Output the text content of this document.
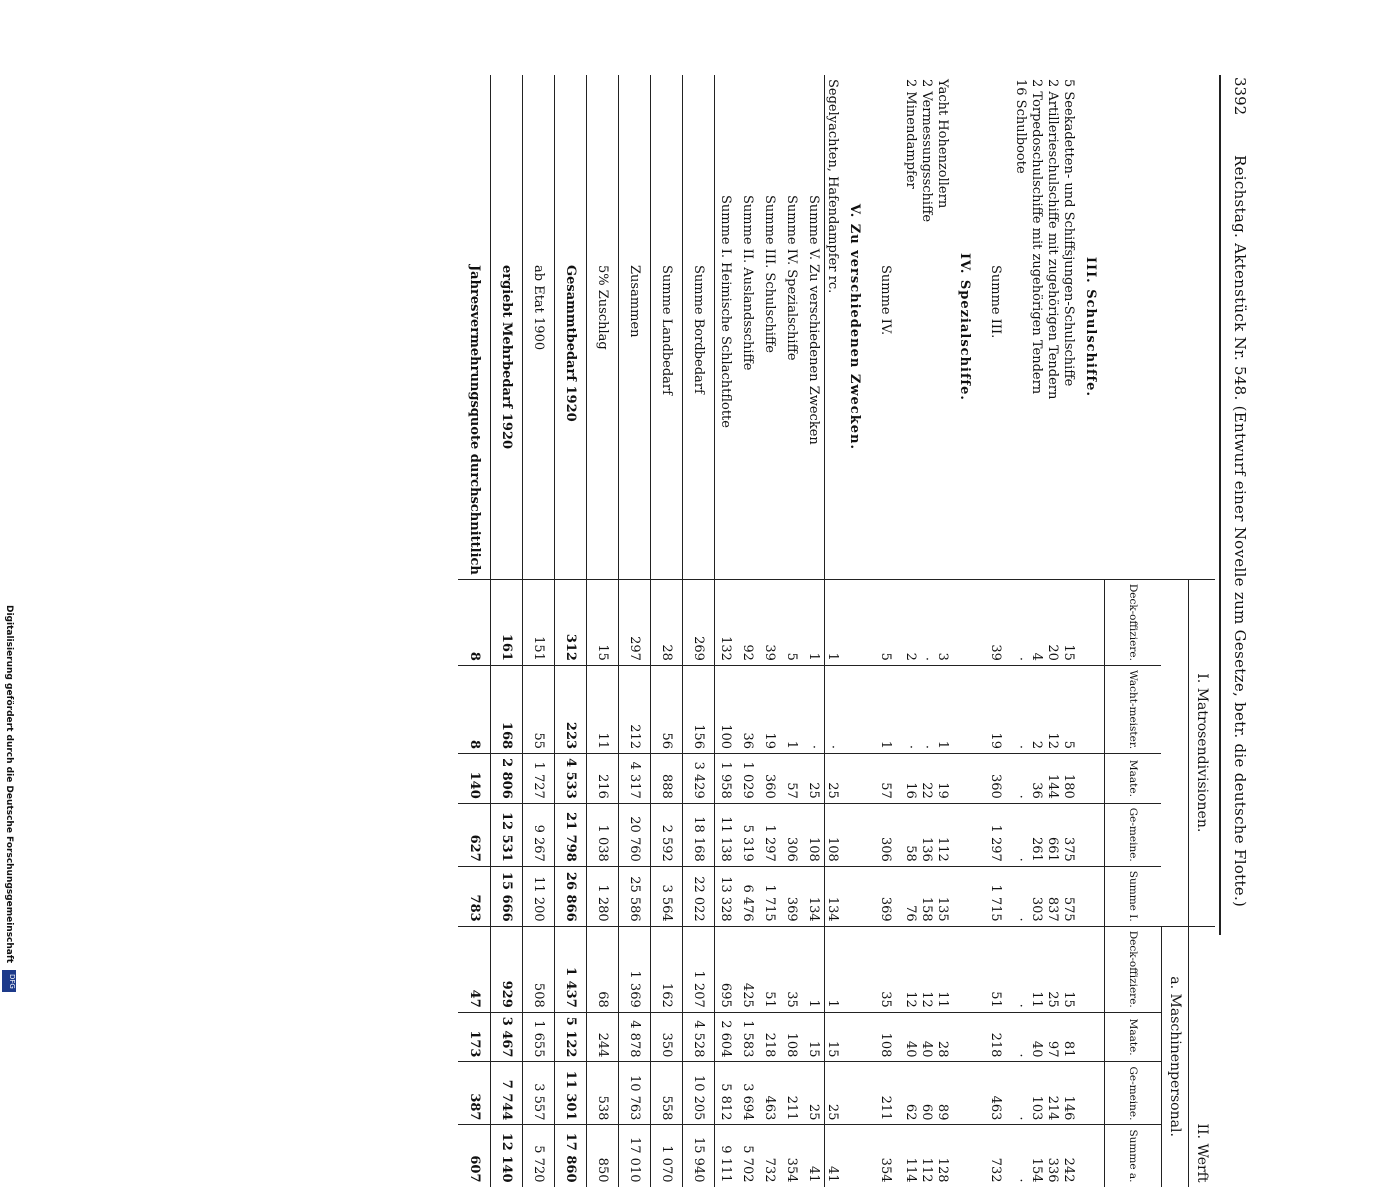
Digitalisierung gefördert durch die Deutsche Forschungsgemeinschaft
DFG
3392
Reichstag. Aktenstück Nr. 548. (Entwurf einer Novelle zum Gesetze, betr. die deutsche Flotte.)
	I. Matrosendivisionen.					II. Werft			
						a. Maschinenpersonal.			
	Deck-offiziere.	Wacht-meister.	Maate.	Ge-meine.	Summe I.	Deck-offiziere.	Maate.	Ge-meine.	Summe a.
III. Schulschiffe.									
5 Seekadetten- und Schiffsjungen-Schulschiffe	15	5	180	375	575	15	81	146	242
2 Artillerieschulschiffe mit zugehörigen Tendern	20	12	144	661	837	25	97	214	336
2 Torpedoschulschiffe mit zugehörigen Tendern	4	2	36	261	303	11	40	103	154
16 Schulboote	·	·	·	·	·	·	·	·	·
Summe III.	39	19	360	1 297	1 715	51	218	463	732
IV. Spezialschiffe.									
Yacht Hohenzollern	3	1	19	112	135	11	28	89	128
2 Vermessungsschiffe	·	·	22	136	158	12	40	60	112
2 Minendampfer	2	·	16	58	76	12	40	62	114
Summe IV.	5	1	57	306	369	35	108	211	354
V. Zu verschiedenen Zwecken.									
Segelyachten, Hafendampfer rc.	1	·	25	108	134	1	15	25	41
Summe V. Zu verschiedenen Zwecken	1	·	25	108	134	1	15	25	41
Summe IV. Spezialschiffe	5	1	57	306	369	35	108	211	354
Summe III. Schulschiffe	39	19	360	1 297	1 715	51	218	463	732
Summe II. Auslandsschiffe	92	36	1 029	5 319	6 476	425	1 583	3 694	5 702
Summe I. Heimische Schlachtflotte	132	100	1 958	11 138	13 328	695	2 604	5 812	9 111
Summe Bordbedarf	269	156	3 429	18 168	22 022	1 207	4 528	10 205	15 940
Summe Landbedarf	28	56	888	2 592	3 564	162	350	558	1 070
Zusammen	297	212	4 317	20 760	25 586	1 369	4 878	10 763	17 010
5% Zuschlag	15	11	216	1 038	1 280	68	244	538	850
Gesammtbedarf 1920	312	223	4 533	21 798	26 866	1 437	5 122	11 301	17 860
ab Etat 1900	151	55	1 727	9 267	11 200	508	1 655	3 557	5 720
ergiebt Mehrbedarf 1920	161	168	2 806	12 531	15 666	929	3 467	7 744	12 140
Jahresvermehrungsquote durchschnittlich	8	8	140	627	783	47	173	387	607
